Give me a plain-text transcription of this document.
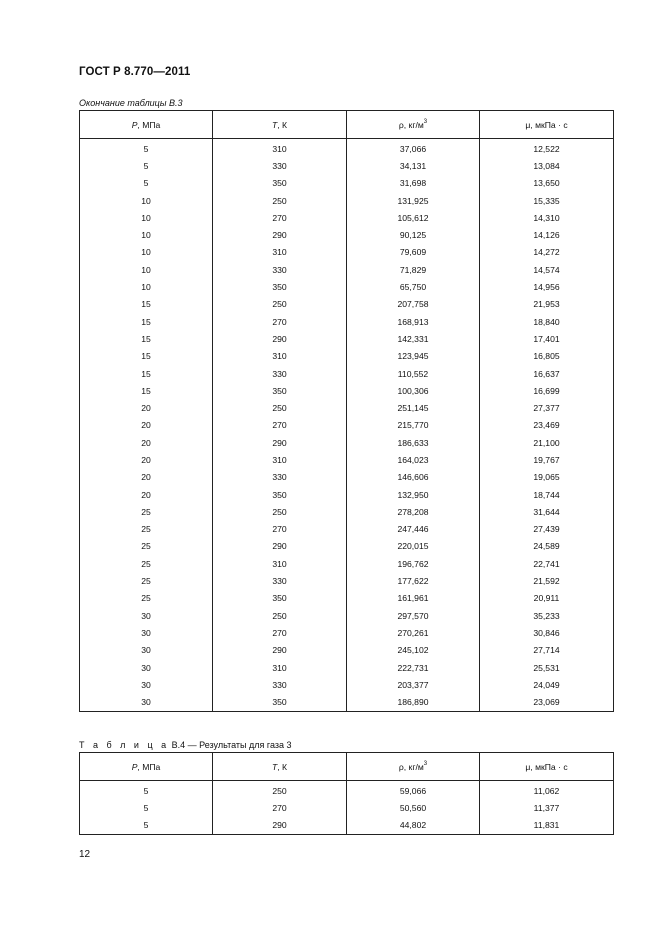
ГОСТ Р 8.770—2011
Окончание таблицы В.3
P, МПа	T, К	ρ, $кг/м^3$	μ, мкПа · с
5	310	37,066	12,522
5	330	34,131	13,084
5	350	31,698	13,650
10	250	131,925	15,335
10	270	105,612	14,310
10	290	90,125	14,126
10	310	79,609	14,272
10	330	71,829	14,574
10	350	65,750	14,956
15	250	207,758	21,953
15	270	168,913	18,840
15	290	142,331	17,401
15	310	123,945	16,805
15	330	110,552	16,637
15	350	100,306	16,699
20	250	251,145	27,377
20	270	215,770	23,469
20	290	186,633	21,100
20	310	164,023	19,767
20	330	146,606	19,065
20	350	132,950	18,744
25	250	278,208	31,644
25	270	247,446	27,439
25	290	220,015	24,589
25	310	196,762	22,741
25	330	177,622	21,592
25	350	161,961	20,911
30	250	297,570	35,233
30	270	270,261	30,846
30	290	245,102	27,714
30	310	222,731	25,531
30	330	203,377	24,049
30	350	186,890	23,069
Т а б л и ц а В.4 — Результаты для газа 3
P, МПа	T, К	ρ, $кг/м^3$	μ, мкПа · с
5	250	59,066	11,062
5	270	50,560	11,377
5	290	44,802	11,831
12
